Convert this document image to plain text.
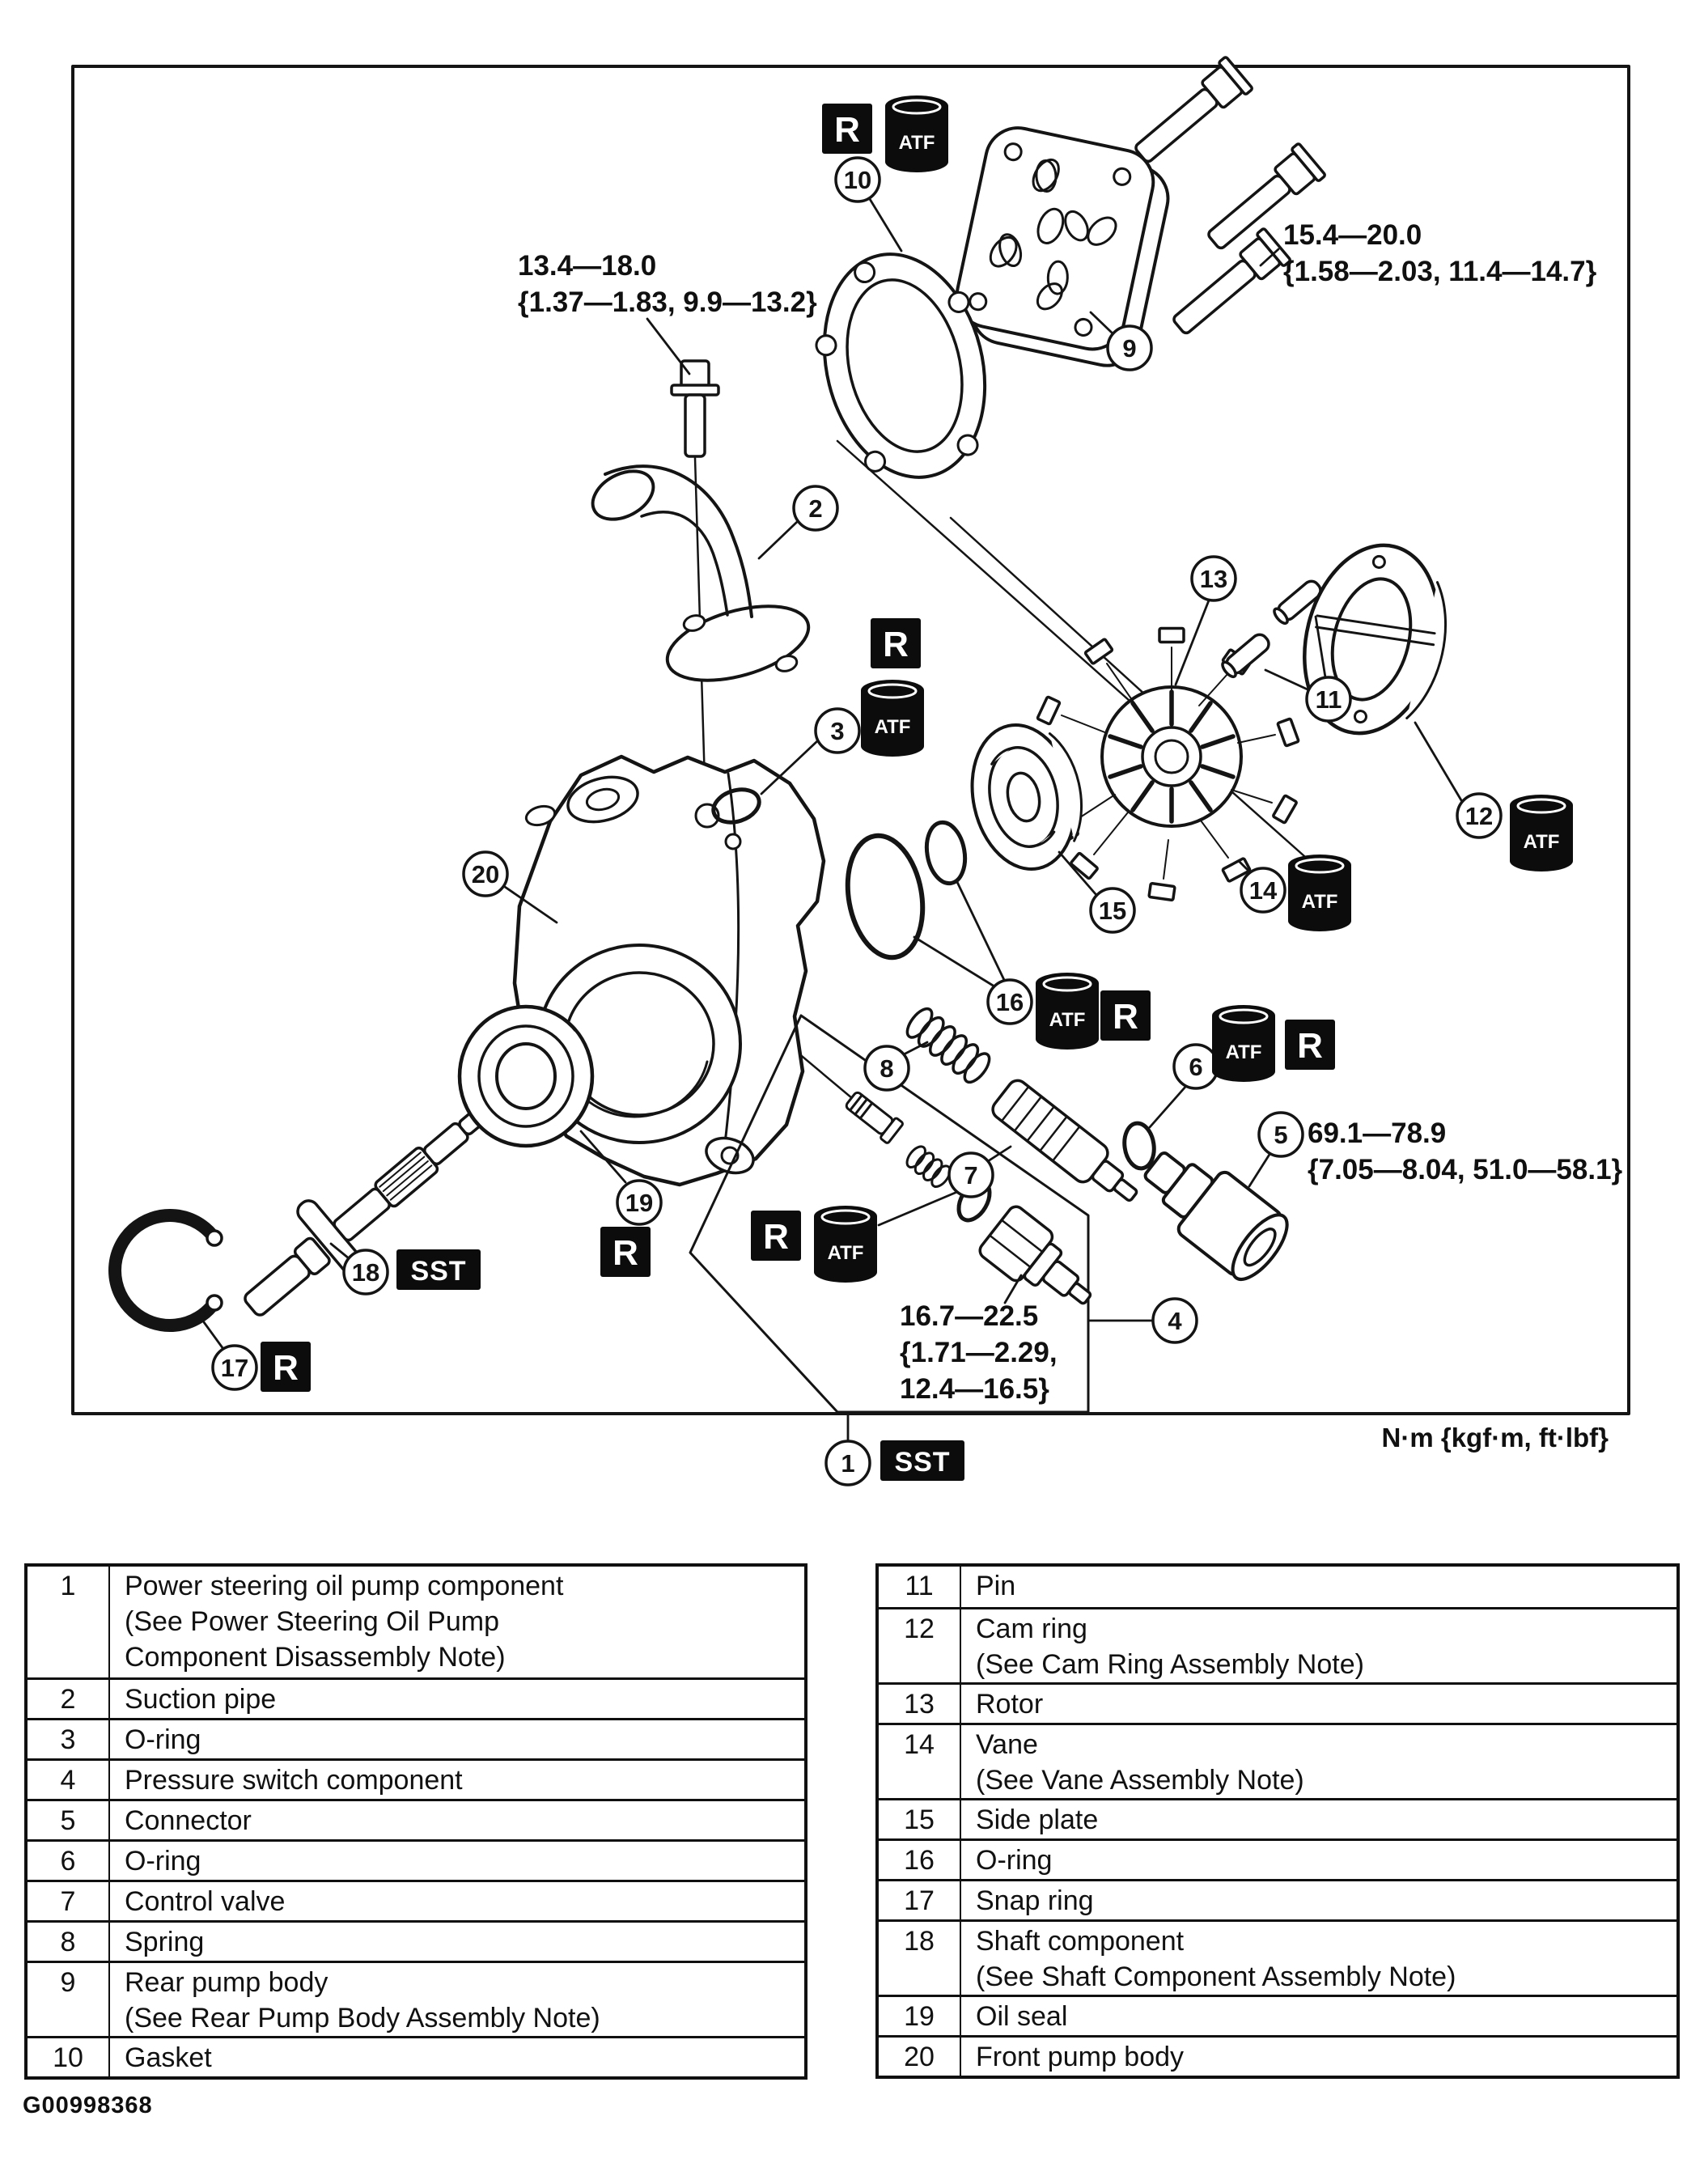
1
2
3
4
5
6
7
8
9
10
11
12
13
14
15
16
17
18
19
20
R ATF
R
ATF
ATF
ATF
ATF R
ATF R
R ATF
R
SST
R
SST
13.4—18.0
{1.37—1.83, 9.9—13.2}
15.4—20.0
{1.58—2.03, 11.4—14.7}
69.1—78.9
{7.05—8.04, 51.0—58.1}
16.7—22.5
{1.71—2.29,
12.4—16.5}
N·m {kgf·m, ft·lbf}
G00998368
1	Power steering oil pump component
(See Power Steering Oil Pump
Component Disassembly Note)
2	Suction pipe
3	O-ring
4	Pressure switch component
5	Connector
6	O-ring
7	Control valve
8	Spring
9	Rear pump body
(See Rear Pump Body Assembly Note)
10	Gasket
11	Pin
12	Cam ring
(See Cam Ring Assembly Note)
13	Rotor
14	Vane
(See Vane Assembly Note)
15	Side plate
16	O-ring
17	Snap ring
18	Shaft component
(See Shaft Component Assembly Note)
19	Oil seal
20	Front pump body
